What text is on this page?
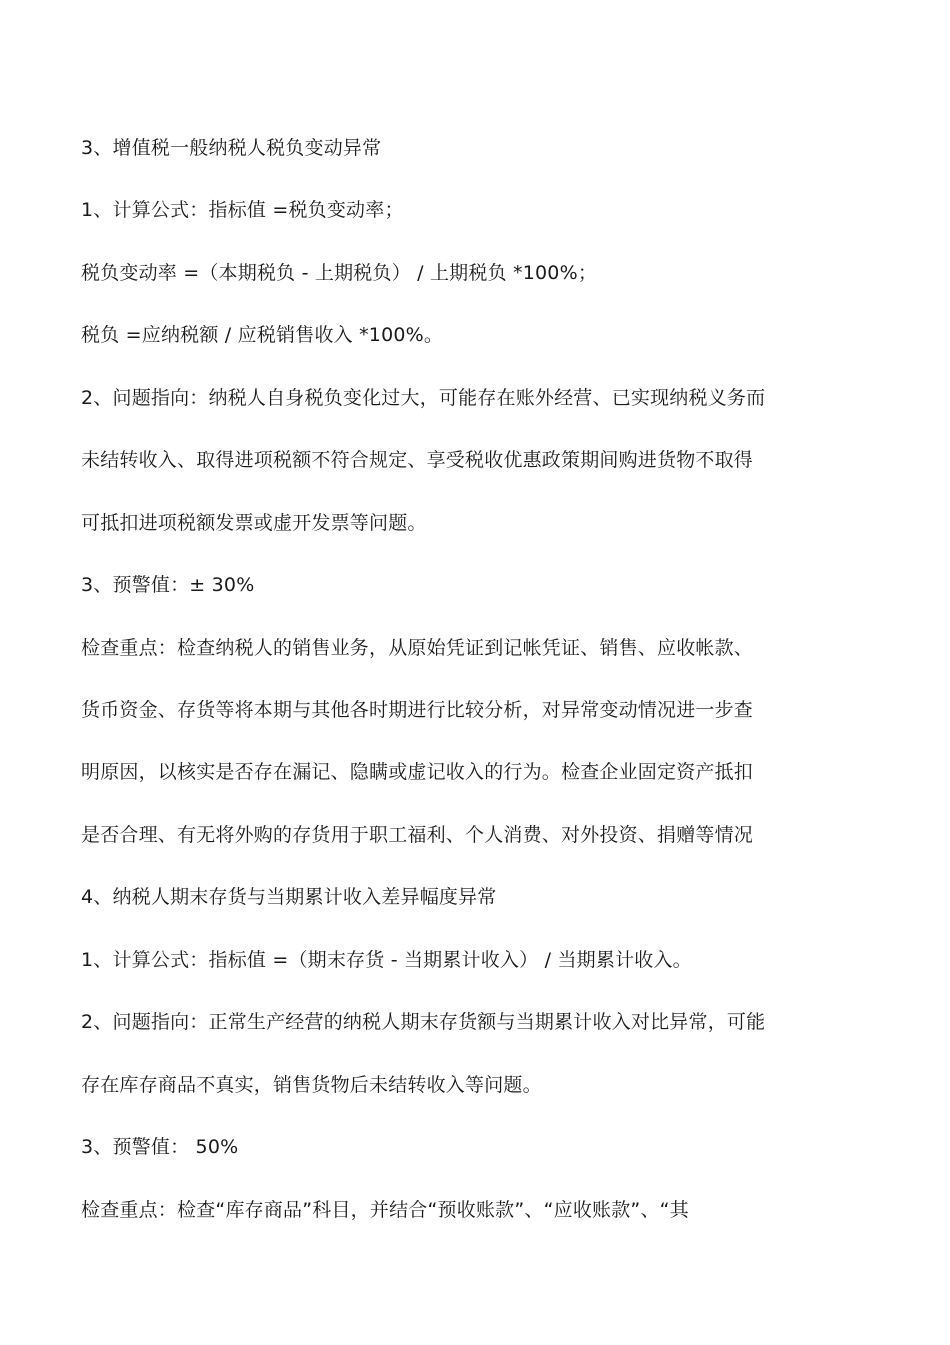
3、增值税一般纳税人税负变动异常
1、计算公式：指标值 =税负变动率；
税负变动率 =（本期税负 - 上期税负） / 上期税负 *100%；
税负 =应纳税额 / 应税销售收入 *100%。
2、问题指向：纳税人自身税负变化过大，可能存在账外经营、已实现纳税义务而
未结转收入、取得进项税额不符合规定、享受税收优惠政策期间购进货物不取得
可抵扣进项税额发票或虚开发票等问题。
3、预警值：± 30%
检查重点：检查纳税人的销售业务，从原始凭证到记帐凭证、销售、应收帐款、
货币资金、存货等将本期与其他各时期进行比较分析，对异常变动情况进一步查
明原因，以核实是否存在漏记、隐瞒或虚记收入的行为。检查企业固定资产抵扣
是否合理、有无将外购的存货用于职工福利、个人消费、对外投资、捐赠等情况
4、纳税人期末存货与当期累计收入差异幅度异常
1、计算公式：指标值 =（期末存货 - 当期累计收入） / 当期累计收入。
2、问题指向：正常生产经营的纳税人期末存货额与当期累计收入对比异常，可能
存在库存商品不真实，销售货物后未结转收入等问题。
3、预警值： 50%
检查重点：检查“库存商品”科目，并结合“预收账款”、“应收账款”、“其
